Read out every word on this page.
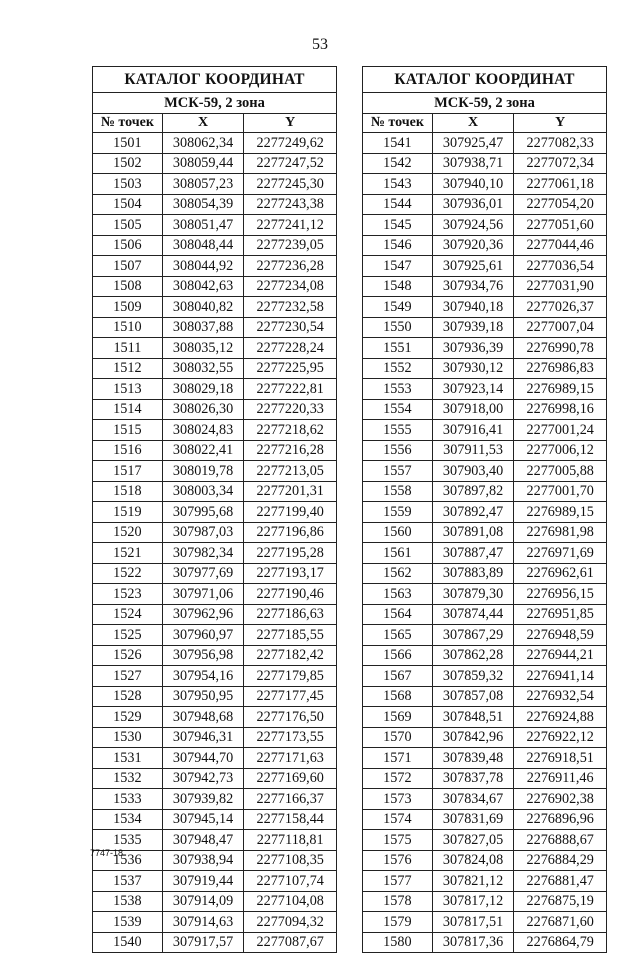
53
КАТАЛОГ КООРДИНАТ		
МСК-59, 2 зона		
№ точек	X	Y
1501	308062,34	2277249,62
1502	308059,44	2277247,52
1503	308057,23	2277245,30
1504	308054,39	2277243,38
1505	308051,47	2277241,12
1506	308048,44	2277239,05
1507	308044,92	2277236,28
1508	308042,63	2277234,08
1509	308040,82	2277232,58
1510	308037,88	2277230,54
1511	308035,12	2277228,24
1512	308032,55	2277225,95
1513	308029,18	2277222,81
1514	308026,30	2277220,33
1515	308024,83	2277218,62
1516	308022,41	2277216,28
1517	308019,78	2277213,05
1518	308003,34	2277201,31
1519	307995,68	2277199,40
1520	307987,03	2277196,86
1521	307982,34	2277195,28
1522	307977,69	2277193,17
1523	307971,06	2277190,46
1524	307962,96	2277186,63
1525	307960,97	2277185,55
1526	307956,98	2277182,42
1527	307954,16	2277179,85
1528	307950,95	2277177,45
1529	307948,68	2277176,50
1530	307946,31	2277173,55
1531	307944,70	2277171,63
1532	307942,73	2277169,60
1533	307939,82	2277166,37
1534	307945,14	2277158,44
1535	307948,47	2277118,81
1536	307938,94	2277108,35
1537	307919,44	2277107,74
1538	307914,09	2277104,08
1539	307914,63	2277094,32
1540	307917,57	2277087,67
КАТАЛОГ КООРДИНАТ		
МСК-59, 2 зона		
№ точек	X	Y
1541	307925,47	2277082,33
1542	307938,71	2277072,34
1543	307940,10	2277061,18
1544	307936,01	2277054,20
1545	307924,56	2277051,60
1546	307920,36	2277044,46
1547	307925,61	2277036,54
1548	307934,76	2277031,90
1549	307940,18	2277026,37
1550	307939,18	2277007,04
1551	307936,39	2276990,78
1552	307930,12	2276986,83
1553	307923,14	2276989,15
1554	307918,00	2276998,16
1555	307916,41	2277001,24
1556	307911,53	2277006,12
1557	307903,40	2277005,88
1558	307897,82	2277001,70
1559	307892,47	2276989,15
1560	307891,08	2276981,98
1561	307887,47	2276971,69
1562	307883,89	2276962,61
1563	307879,30	2276956,15
1564	307874,44	2276951,85
1565	307867,29	2276948,59
1566	307862,28	2276944,21
1567	307859,32	2276941,14
1568	307857,08	2276932,54
1569	307848,51	2276924,88
1570	307842,96	2276922,12
1571	307839,48	2276918,51
1572	307837,78	2276911,46
1573	307834,67	2276902,38
1574	307831,69	2276896,96
1575	307827,05	2276888,67
1576	307824,08	2276884,29
1577	307821,12	2276881,47
1578	307817,12	2276875,19
1579	307817,51	2276871,60
1580	307817,36	2276864,79
7747-18
